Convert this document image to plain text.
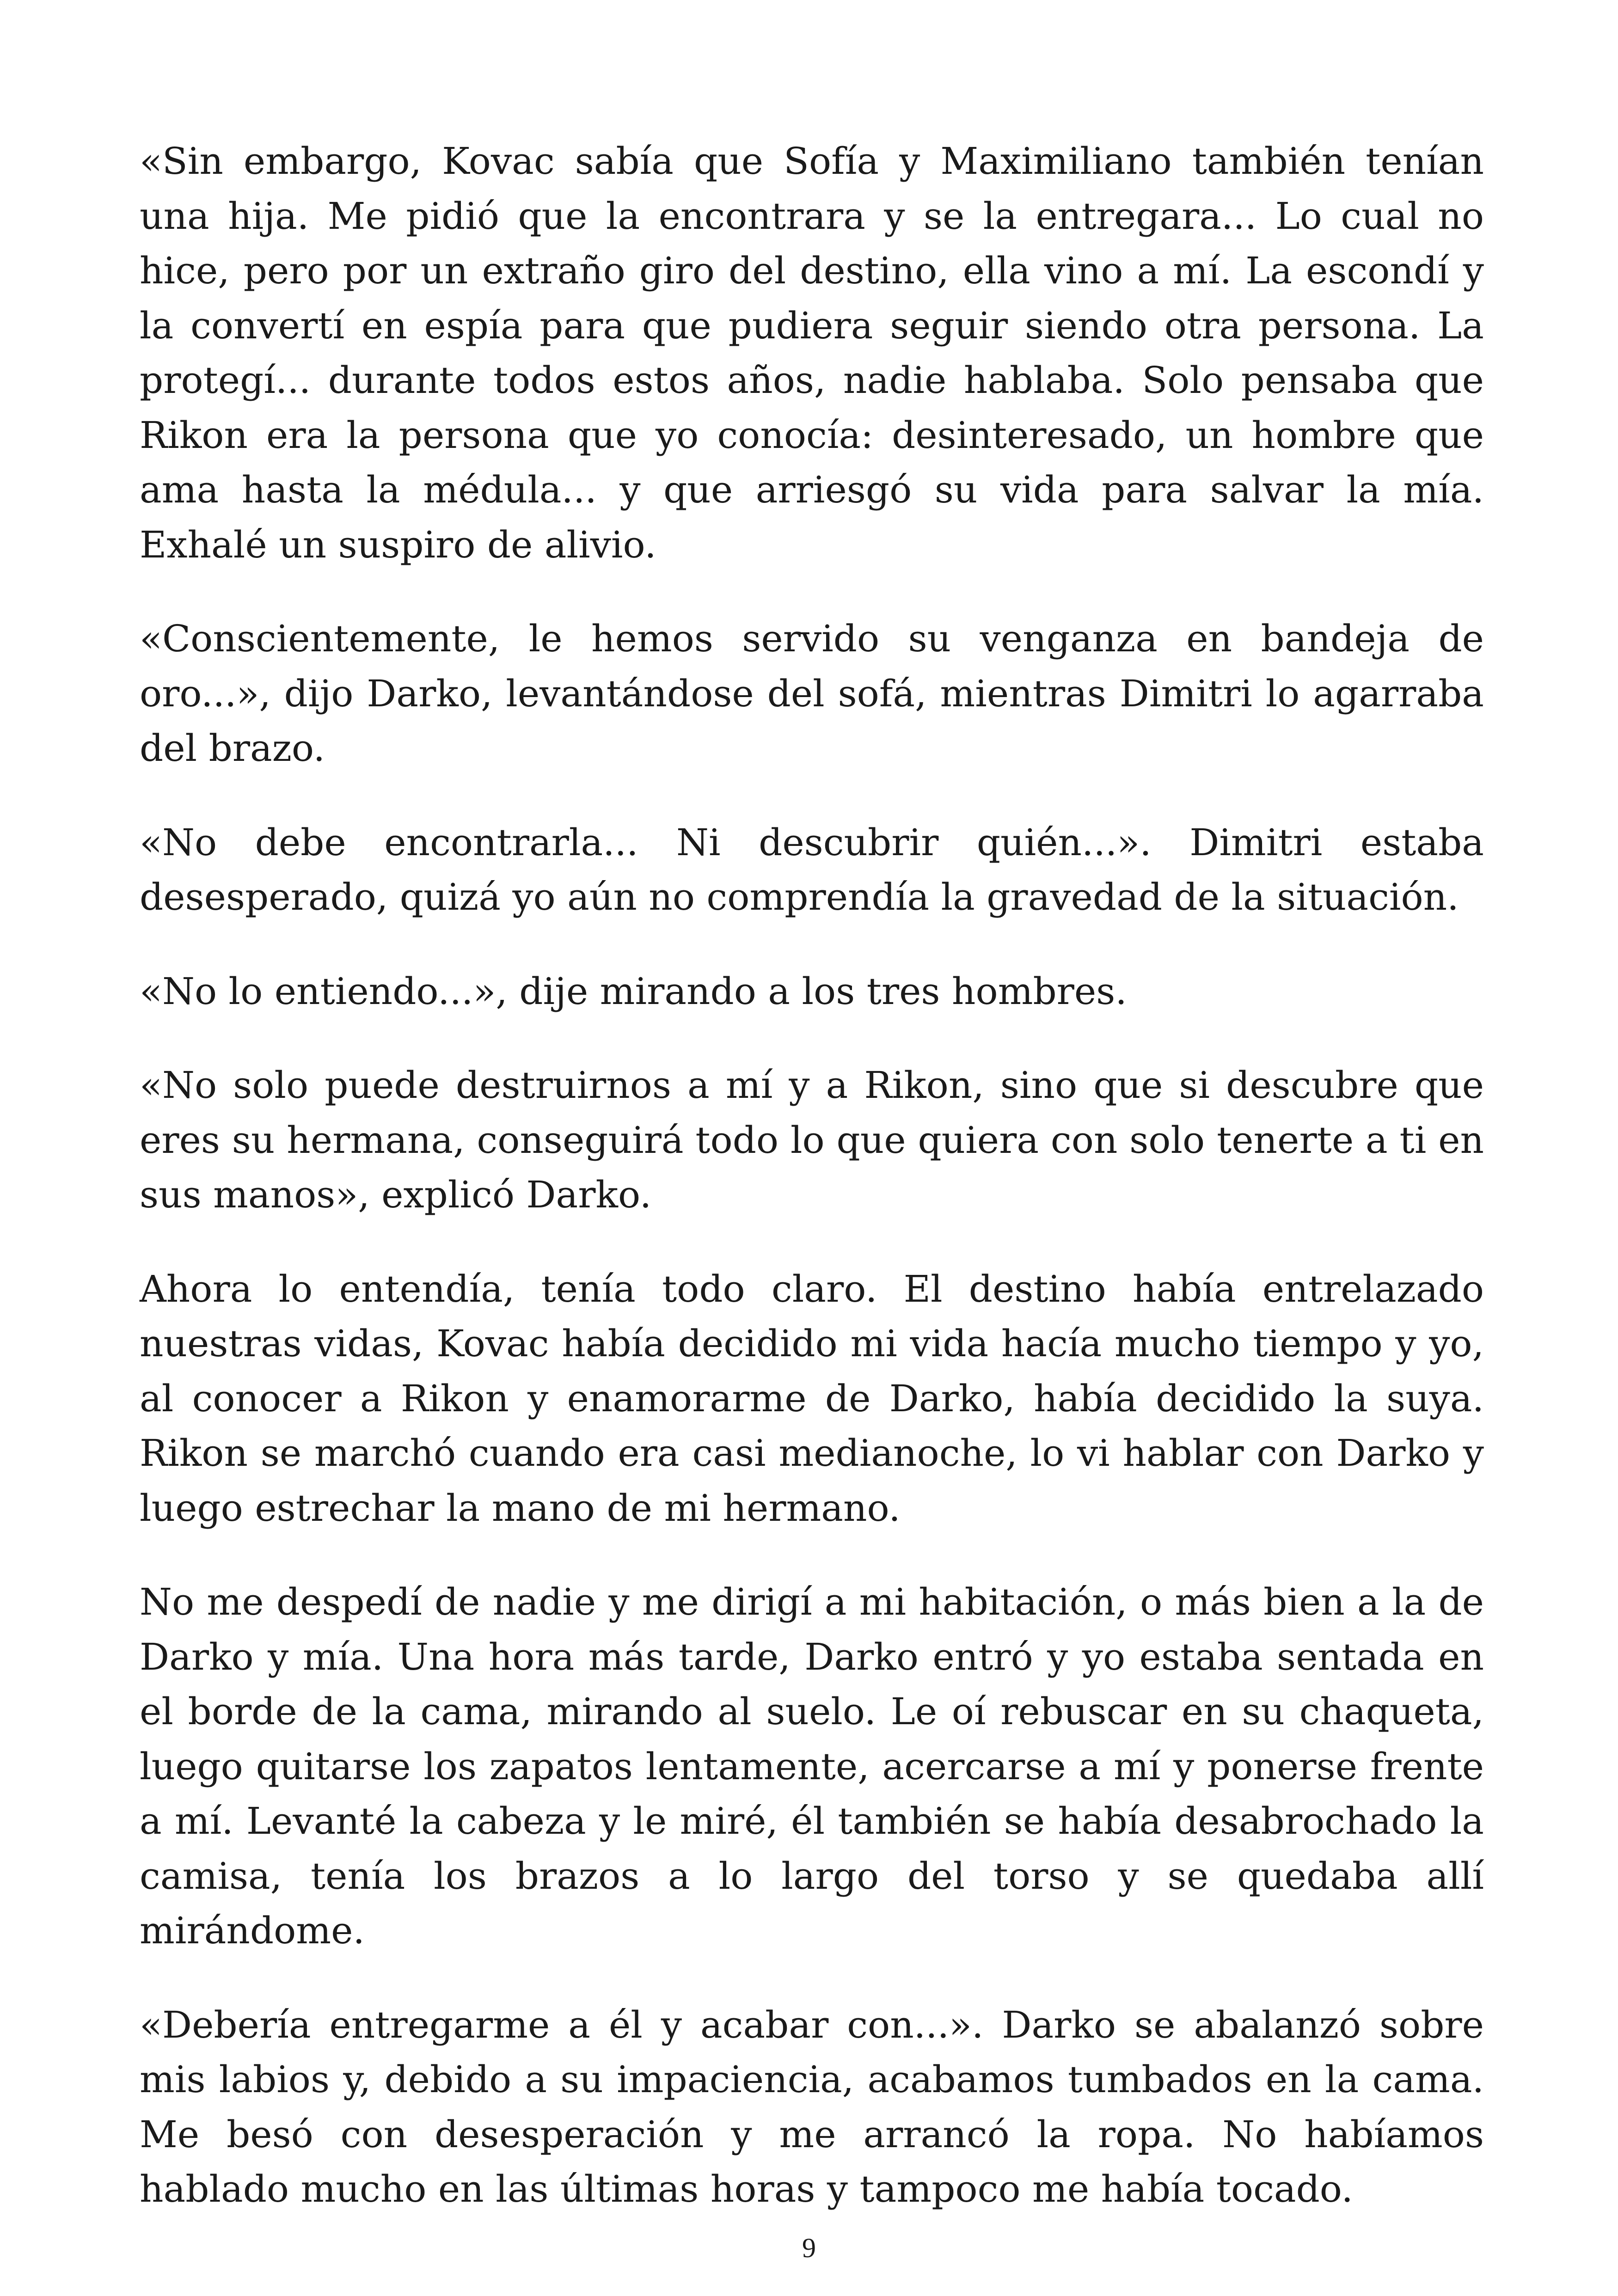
«Sin embargo, Kovac sabía que Sofía y Maximiliano también tenían una hija. Me pidió que la encontrara y se la entregara... Lo cual no hice, pero por un extraño giro del destino, ella vino a mí. La escondí y la convertí en espía para que pudiera seguir siendo otra persona. La protegí... durante todos estos años, nadie hablaba. Solo pensaba que Rikon era la persona que yo conocía: desinteresado, un hombre que ama hasta la médula... y que arriesgó su vida para salvar la mía. Exhalé un suspiro de alivio.

«Conscientemente, le hemos servido su venganza en bandeja de oro...», dijo Darko, levantándose del sofá, mientras Dimitri lo agarraba del brazo.

«No debe encontrarla... Ni descubrir quién...». Dimitri estaba desesperado, quizá yo aún no comprendía la gravedad de la situación.

«No lo entiendo...», dije mirando a los tres hombres.

«No solo puede destruirnos a mí y a Rikon, sino que si descubre que eres su hermana, conseguirá todo lo que quiera con solo tenerte a ti en sus manos», explicó Darko.

Ahora lo entendía, tenía todo claro. El destino había entrelazado nuestras vidas, Kovac había decidido mi vida hacía mucho tiempo y yo, al conocer a Rikon y enamorarme de Darko, había decidido la suya. Rikon se marchó cuando era casi medianoche, lo vi hablar con Darko y luego estrechar la mano de mi hermano.

No me despedí de nadie y me dirigí a mi habitación, o más bien a la de Darko y mía. Una hora más tarde, Darko entró y yo estaba sentada en el borde de la cama, mirando al suelo. Le oí rebuscar en su chaqueta, luego quitarse los zapatos lentamente, acercarse a mí y ponerse frente a mí. Levanté la cabeza y le miré, él también se había desabrochado la camisa, tenía los brazos a lo largo del torso y se quedaba allí mirándome.

«Debería entregarme a él y acabar con...». Darko se abalanzó sobre mis labios y, debido a su impaciencia, acabamos tumbados en la cama. Me besó con desesperación y me arrancó la ropa. No habíamos hablado mucho en las últimas horas y tampoco me había tocado.

9
